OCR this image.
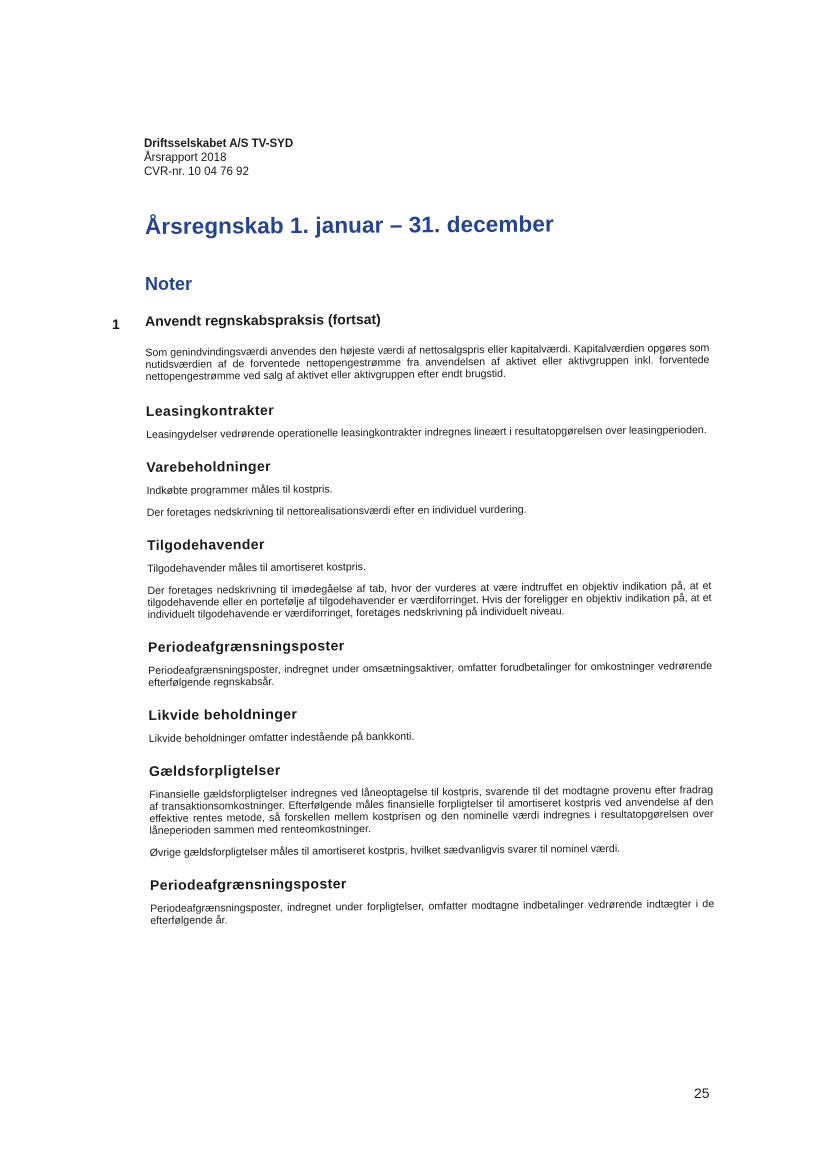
Driftsselskabet A/S TV-SYD
Årsrapport 2018
CVR-nr. 10 04 76 92
Årsregnskab 1. januar – 31. december
Noter
1 Anvendt regnskabspraksis (fortsat)

Som genindvindingsværdi anvendes den højeste værdi af nettosalgspris eller kapitalværdi. Kapitalværdien opgøres som nutidsværdien af de forventede nettopengestrømme fra anvendelsen af aktivet eller aktivgruppen inkl. forventede nettopengestrømme ved salg af aktivet eller aktivgruppen efter endt brugstid.

Leasingkontrakter

Leasingydelser vedrørende operationelle leasingkontrakter indregnes lineært i resultatopgørelsen over leasingperioden.

Varebeholdninger

Indkøbte programmer måles til kostpris.

Der foretages nedskrivning til nettorealisationsværdi efter en individuel vurdering.

Tilgodehavender

Tilgodehavender måles til amortiseret kostpris.

Der foretages nedskrivning til imødegåelse af tab, hvor der vurderes at være indtruffet en objektiv indikation på, at et tilgodehavende eller en portefølje af tilgodehavender er værdiforringet. Hvis der foreligger en objektiv indikation på, at et individuelt tilgodehavende er værdiforringet, foretages nedskrivning på individuelt niveau.

Periodeafgrænsningsposter

Periodeafgrænsningsposter, indregnet under omsætningsaktiver, omfatter forudbetalinger for omkostninger vedrørende efterfølgende regnskabsår.

Likvide beholdninger

Likvide beholdninger omfatter indestående på bankkonti.

Gældsforpligtelser

Finansielle gældsforpligtelser indregnes ved låneoptagelse til kostpris, svarende til det modtagne provenu efter fradrag af transaktionsomkostninger. Efterfølgende måles finansielle forpligtelser til amortiseret kostpris ved anvendelse af den effektive rentes metode, så forskellen mellem kostprisen og den nominelle værdi indregnes i resultatopgørelsen over låneperioden sammen med renteomkostninger.

Øvrige gældsforpligtelser måles til amortiseret kostpris, hvilket sædvanligvis svarer til nominel værdi.

Periodeafgrænsningsposter

Periodeafgrænsningsposter, indregnet under forpligtelser, omfatter modtagne indbetalinger vedrørende indtægter i de efterfølgende år.

25
